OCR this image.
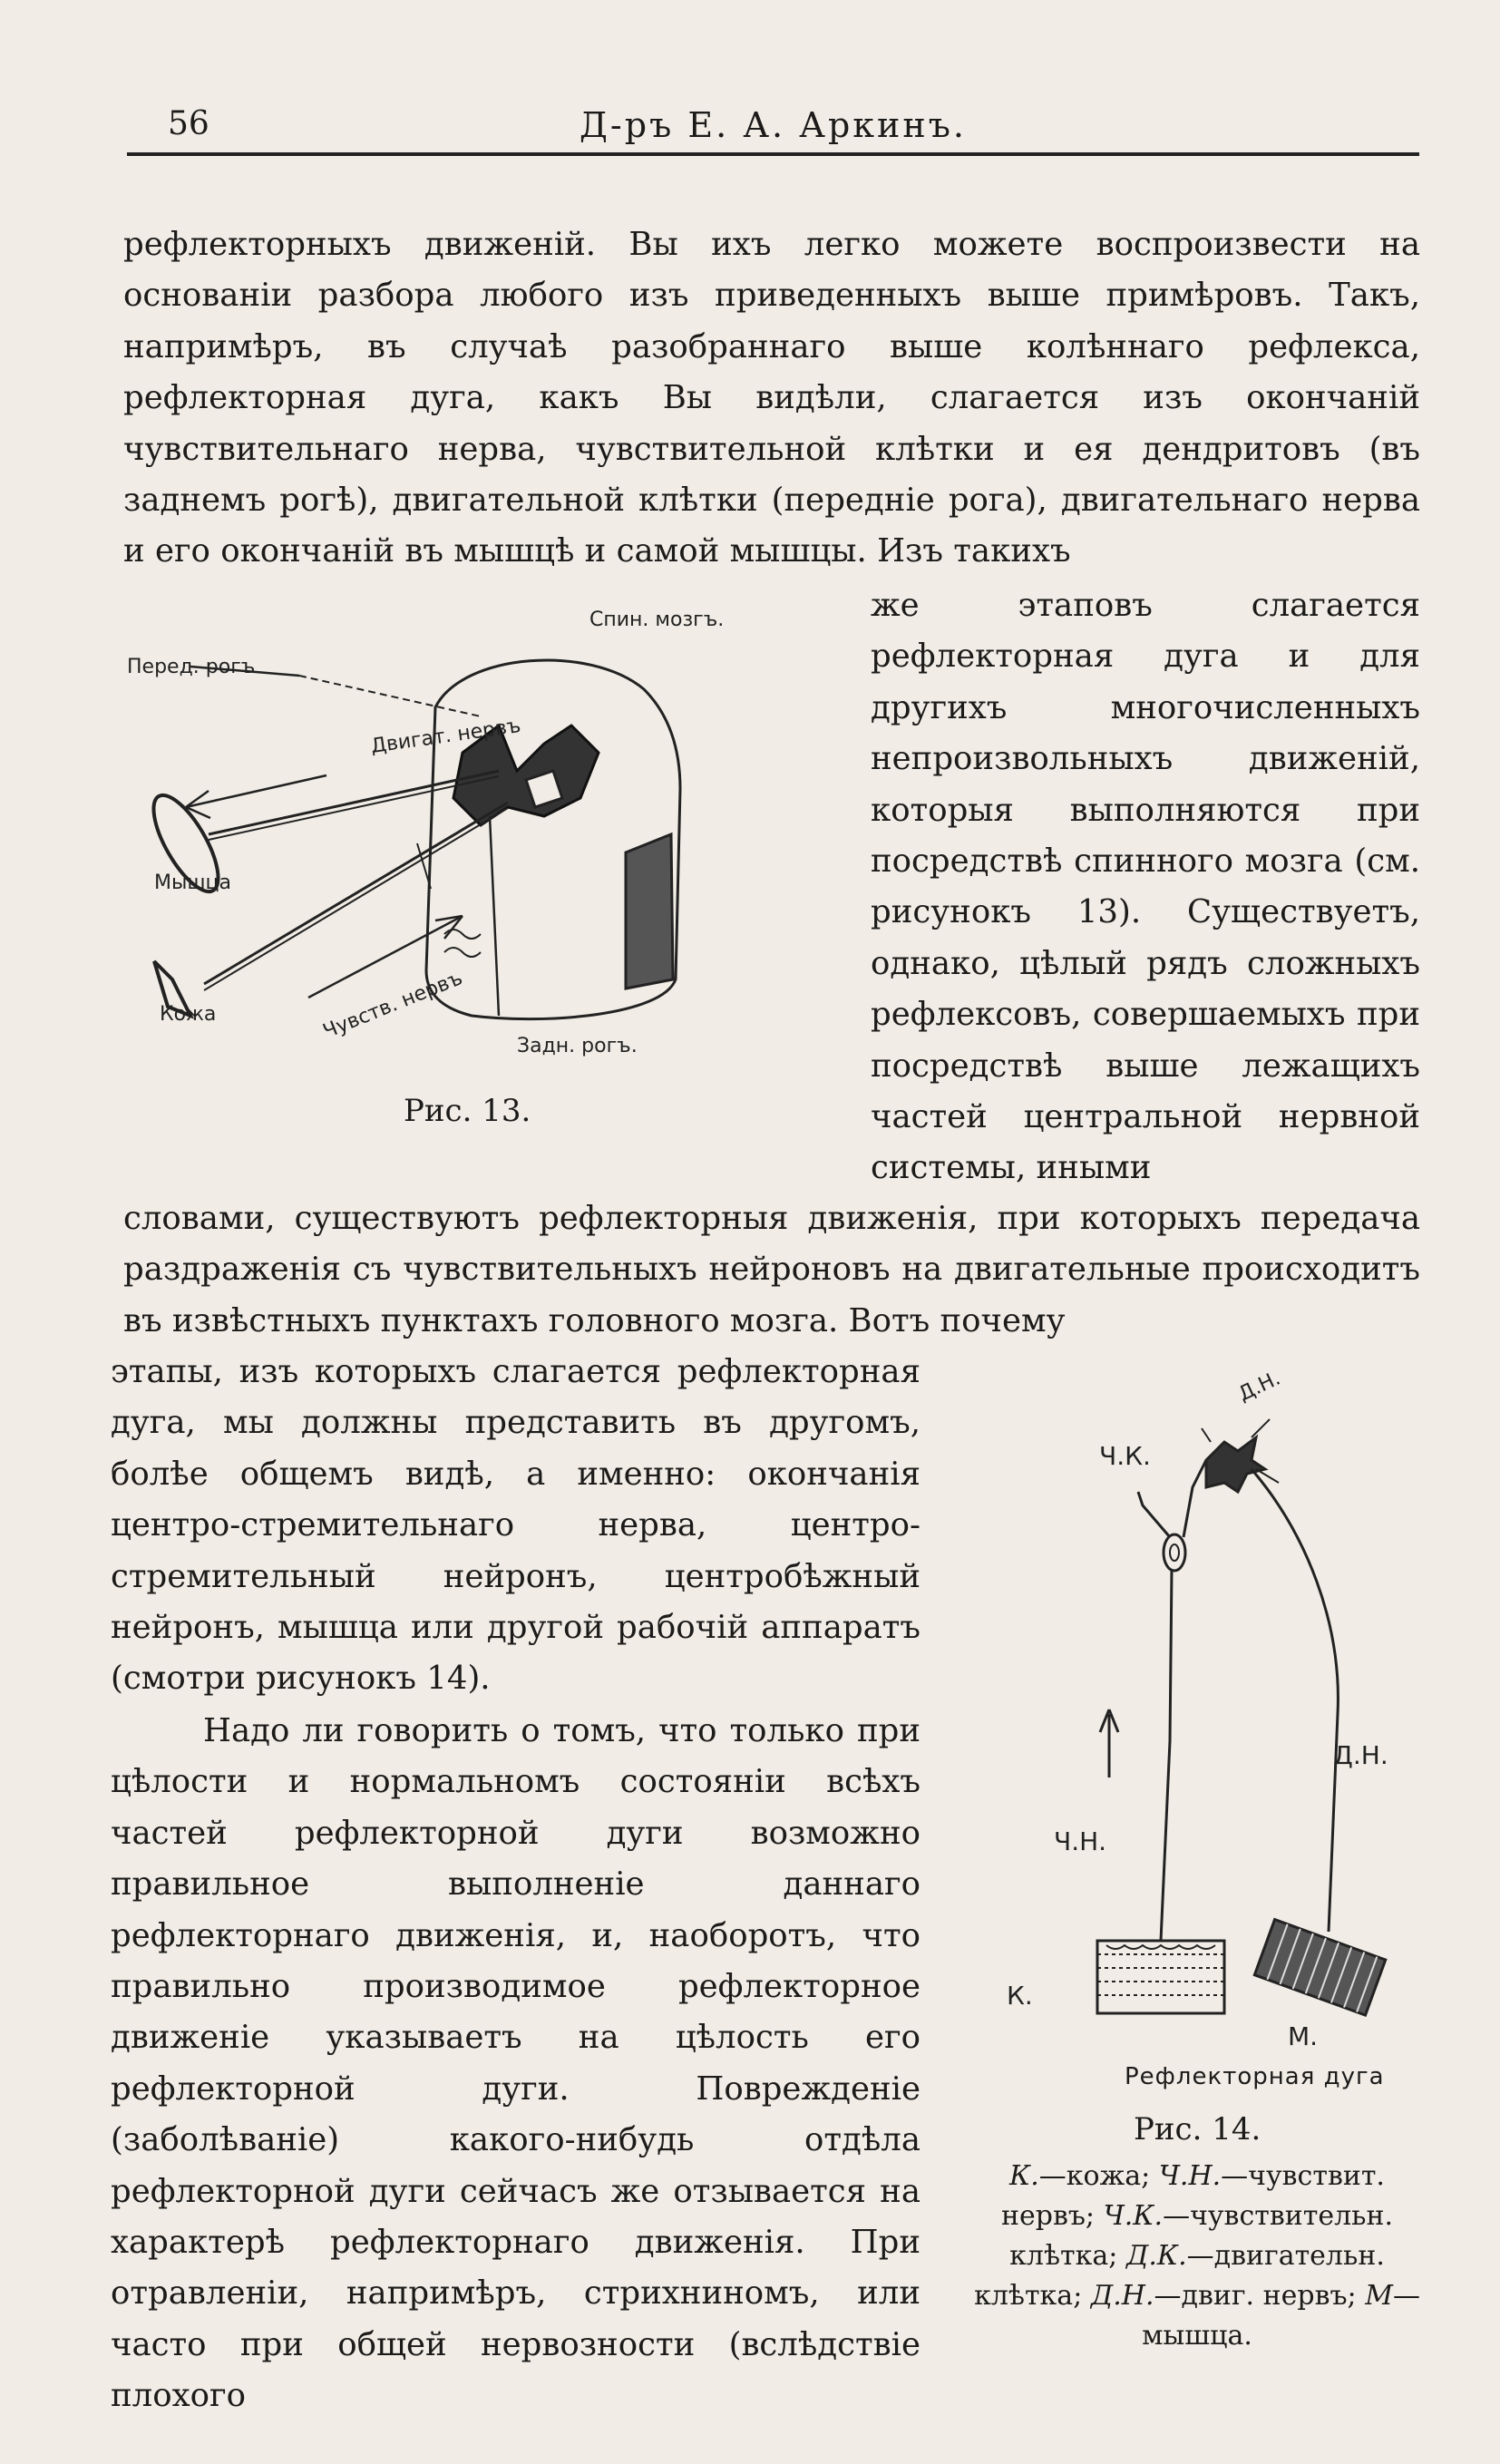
56	Д-ръ Е. А. Аркинъ.

рефлекторныхъ движеній. Вы ихъ легко можете воспроизвести на основаніи разбора любого изъ приведенныхъ выше примѣровъ. Такъ, напримѣръ, въ случаѣ разобраннаго выше колѣннаго рефлекса, рефлекторная дуга, какъ Вы видѣли, слагается изъ окончаній чувствительнаго нерва, чувствительной клѣтки и ея дендритовъ (въ заднемъ рогѣ), двигательной клѣтки (передніе рога), двигательнаго нерва и его окончаній въ мышцѣ и самой мышцы. Изъ такихъ

Спин. мозгъ.
Перед. рогъ
Двигат. нервъ
Мышца
Кожа	Чувств. нервъ
Задн. рогъ.
Рис. 13.

же этаповъ слагается рефлекторная дуга и для другихъ многочисленныхъ непроизвольныхъ движеній, которыя выполняются при посредствѣ спинного мозга (см. рисунокъ 13). Существуетъ, однако, цѣлый рядъ сложныхъ рефлексовъ, совершаемыхъ при посредствѣ выше лежащихъ частей центральной нервной системы, иными

словами, существуютъ рефлекторныя движенія, при которыхъ передача раздраженія съ чувствительныхъ нейроновъ на двигательные происходитъ въ извѣстныхъ пунктахъ головного мозга. Вотъ почему

этапы, изъ которыхъ слагается рефлекторная дуга, мы должны представить въ другомъ, болѣе общемъ видѣ, а именно: окончанія центро-стремительнаго нерва, центро-стремительный нейронъ, центробѣжный нейронъ, мышца или другой рабочій аппаратъ (смотри рисунокъ 14).

Надо ли говорить о томъ, что только при цѣлости и нормальномъ состояніи всѣхъ частей рефлекторной дуги возможно правильное выполненіе даннаго рефлекторнаго движенія, и, наоборотъ, что правильно производимое рефлекторное движеніе указываетъ на цѣлость его рефлекторной дуги. Поврежденіе (заболѣваніе) какого-нибудь отдѣла рефлекторной дуги сейчасъ же отзывается на характерѣ рефлекторнаго движенія. При отравленіи, напримѣръ, стрихниномъ, или часто при общей нервозности (вслѣдствіе плохого

Д.Н.
Ч.К.
Д.Н.
Ч.Н.
К.
М.
Рефлекторная дуга
Рис. 14.
К.—кожа; Ч.Н.—чувствит. нервъ; Ч.К.—чувствительн. клѣтка; Д.К.—двигательн. клѣтка; Д.Н.—двиг. нервъ; М—мышца.
